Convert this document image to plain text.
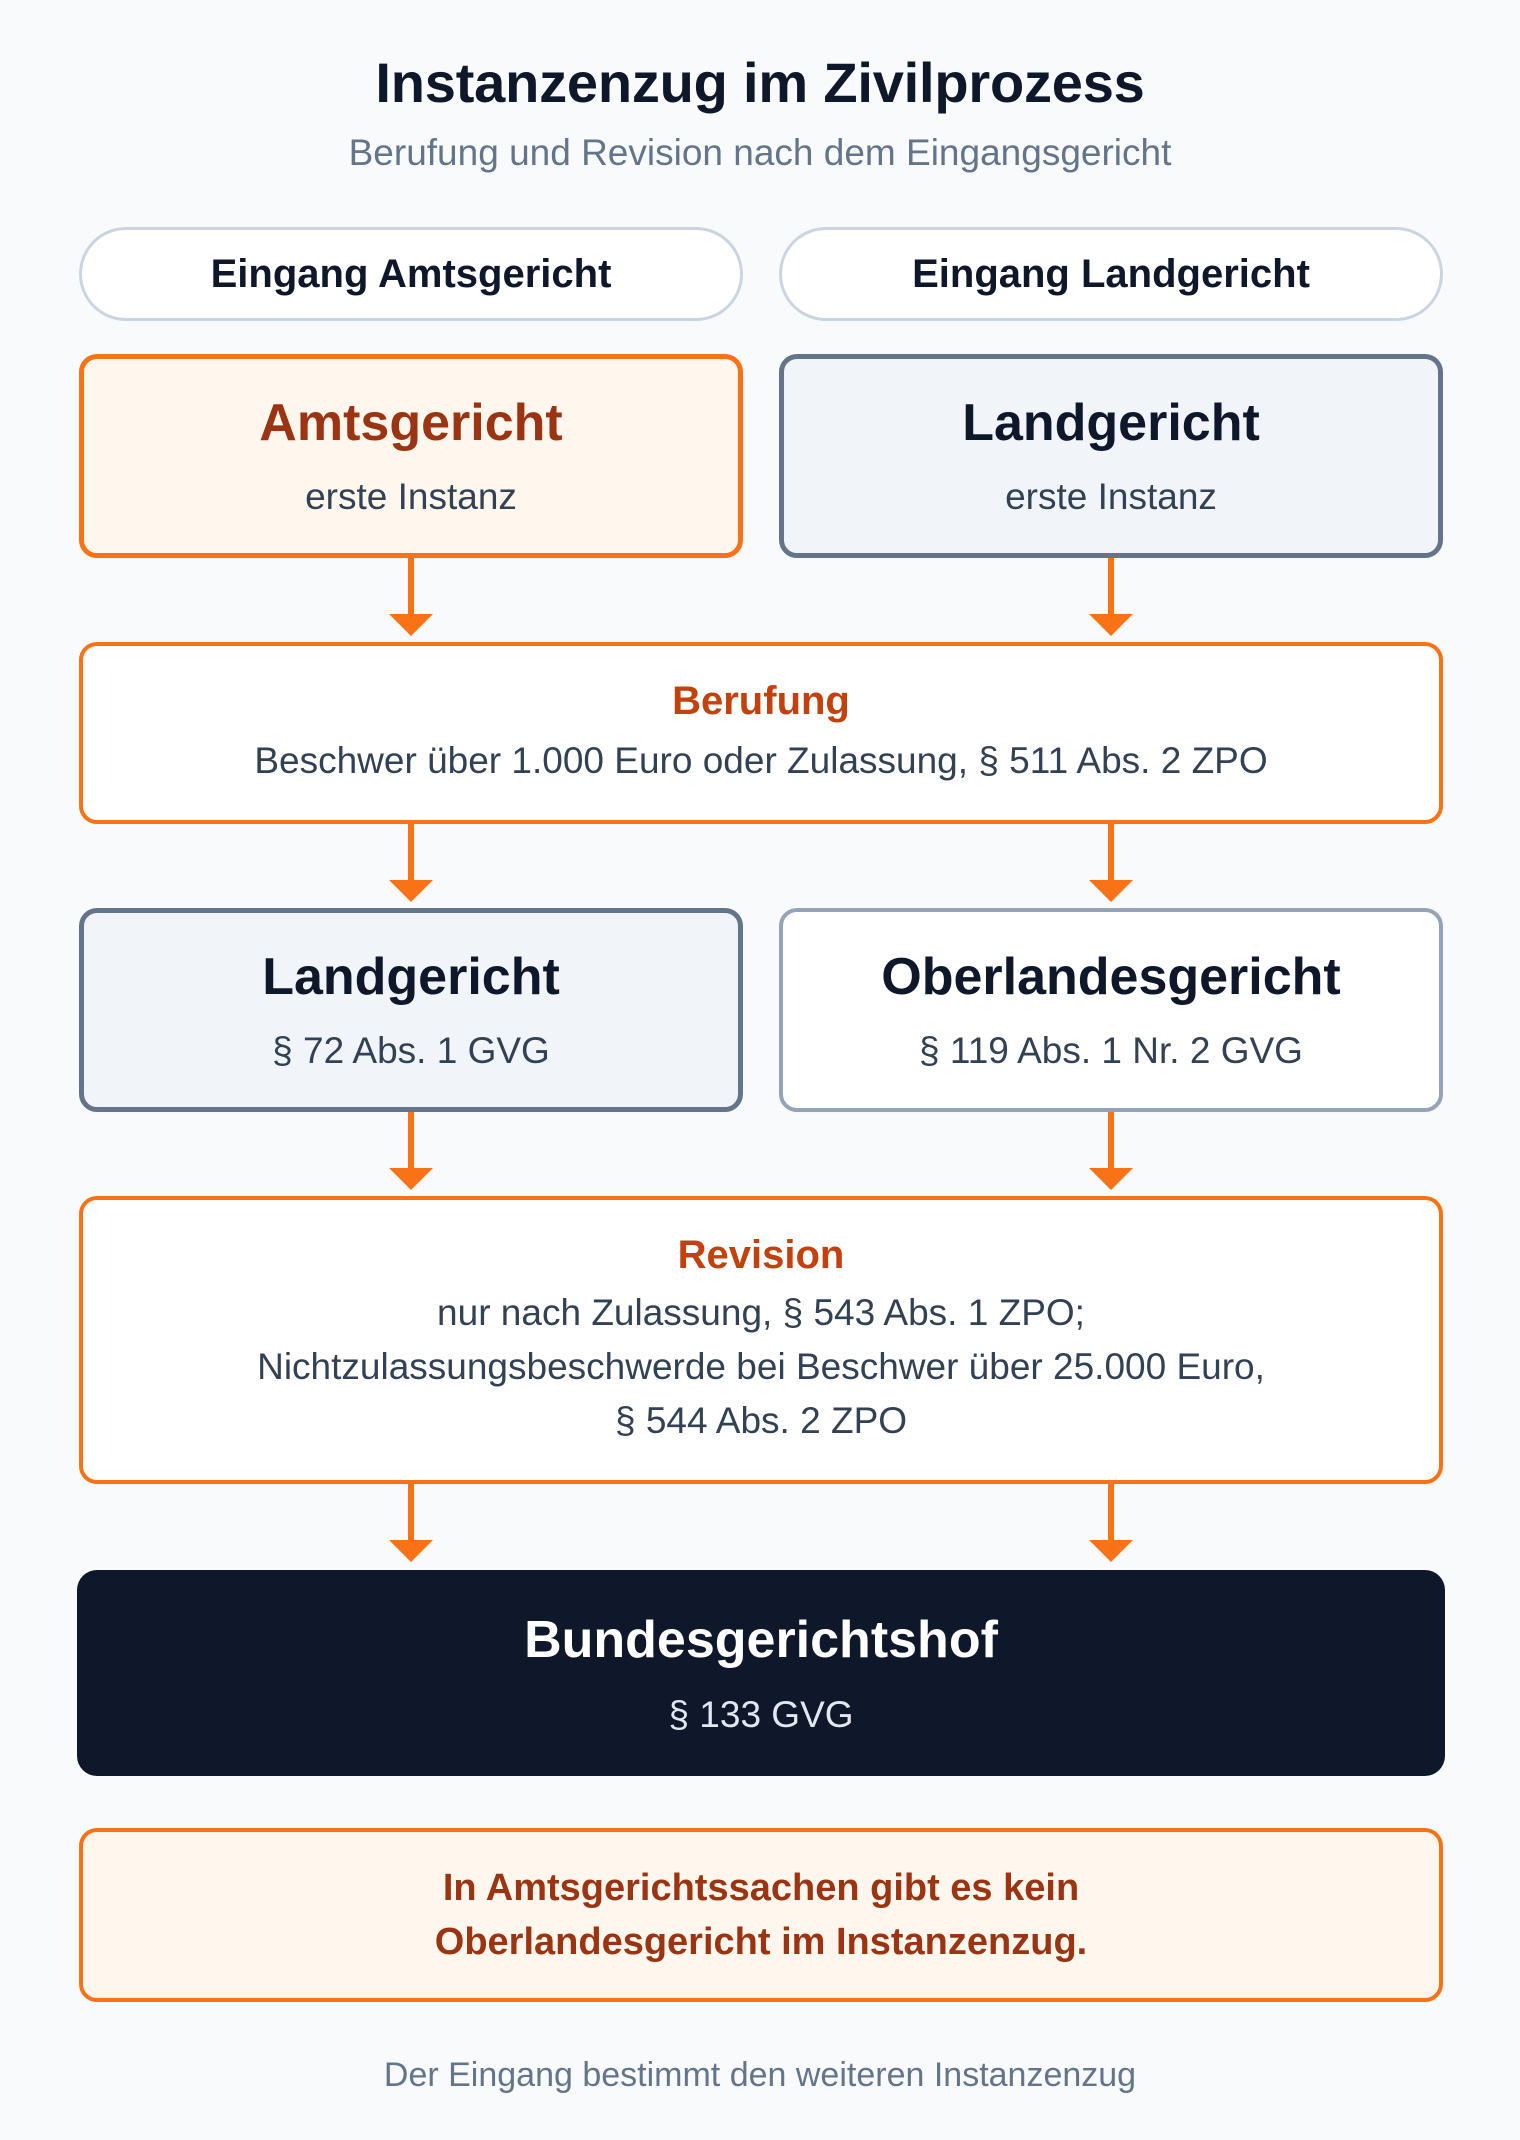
Instanzenzug im Zivilprozess
Berufung und Revision nach dem Eingangsgericht
Eingang Amtsgericht	Eingang Landgericht
Amtsgericht
erste Instanz
Landgericht
erste Instanz
Berufung
Beschwer über 1.000 Euro oder Zulassung, § 511 Abs. 2 ZPO
Landgericht
§ 72 Abs. 1 GVG
Oberlandesgericht
§ 119 Abs. 1 Nr. 2 GVG
Revision
nur nach Zulassung, § 543 Abs. 1 ZPO;
Nichtzulassungsbeschwerde bei Beschwer über 25.000 Euro,
§ 544 Abs. 2 ZPO
Bundesgerichtshof
§ 133 GVG
In Amtsgerichtssachen gibt es kein
Oberlandesgericht im Instanzenzug.
Der Eingang bestimmt den weiteren Instanzenzug
